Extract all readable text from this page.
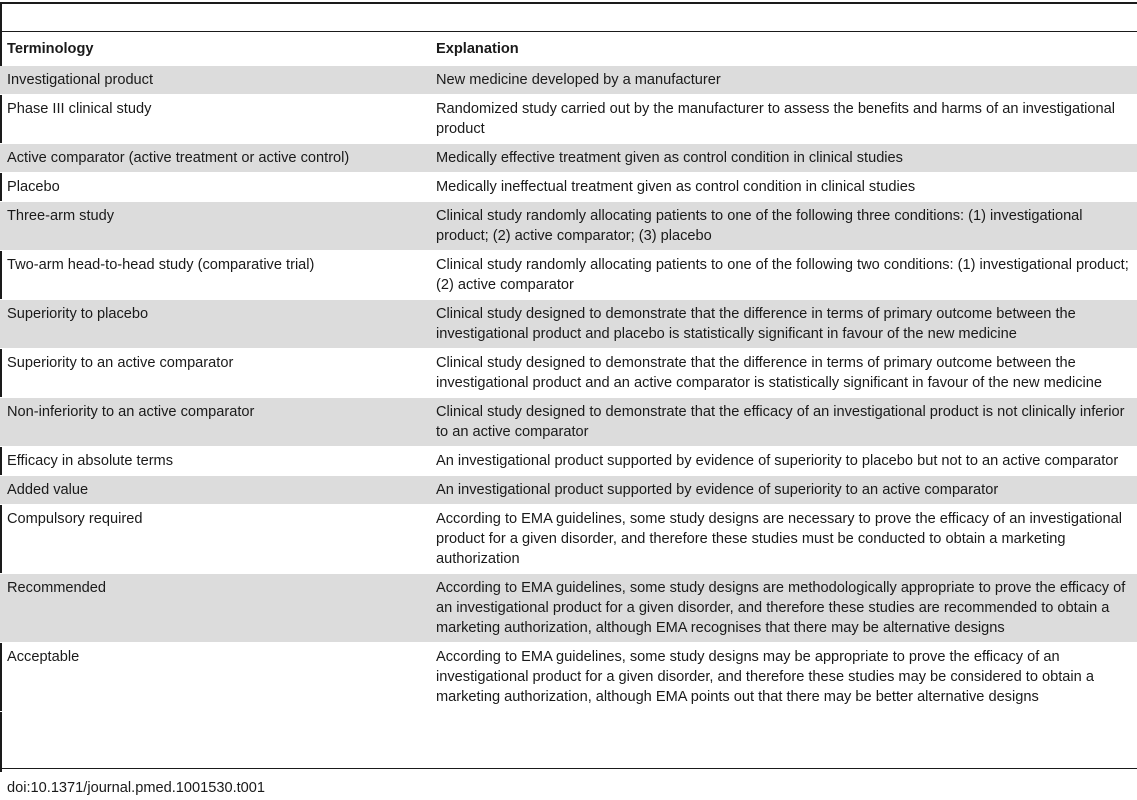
Terminology	Explanation
Investigational product	New medicine developed by a manufacturer
Phase III clinical study	Randomized study carried out by the manufacturer to assess the benefits and harms of an investigational product
Active comparator (active treatment or active control)	Medically effective treatment given as control condition in clinical studies
Placebo	Medically ineffectual treatment given as control condition in clinical studies
Three-arm study	Clinical study randomly allocating patients to one of the following three conditions: (1) investigational product; (2) active comparator; (3) placebo
Two-arm head-to-head study (comparative trial)	Clinical study randomly allocating patients to one of the following two conditions: (1) investigational product; (2) active comparator
Superiority to placebo	Clinical study designed to demonstrate that the difference in terms of primary outcome between the investigational product and placebo is statistically significant in favour of the new medicine
Superiority to an active comparator	Clinical study designed to demonstrate that the difference in terms of primary outcome between the investigational product and an active comparator is statistically significant in favour of the new medicine
Non-inferiority to an active comparator	Clinical study designed to demonstrate that the efficacy of an investigational product is not clinically inferior to an active comparator
Efficacy in absolute terms	An investigational product supported by evidence of superiority to placebo but not to an active comparator
Added value	An investigational product supported by evidence of superiority to an active comparator
Compulsory required	According to EMA guidelines, some study designs are necessary to prove the efficacy of an investigational product for a given disorder, and therefore these studies must be conducted to obtain a marketing authorization
Recommended	According to EMA guidelines, some study designs are methodologically appropriate to prove the efficacy of an investigational product for a given disorder, and therefore these studies are recommended to obtain a marketing authorization, although EMA recognises that there may be alternative designs
Acceptable	According to EMA guidelines, some study designs may be appropriate to prove the efficacy of an investigational product for a given disorder, and therefore these studies may be considered to obtain a marketing authorization, although EMA points out that there may be better alternative designs
doi:10.1371/journal.pmed.1001530.t001
